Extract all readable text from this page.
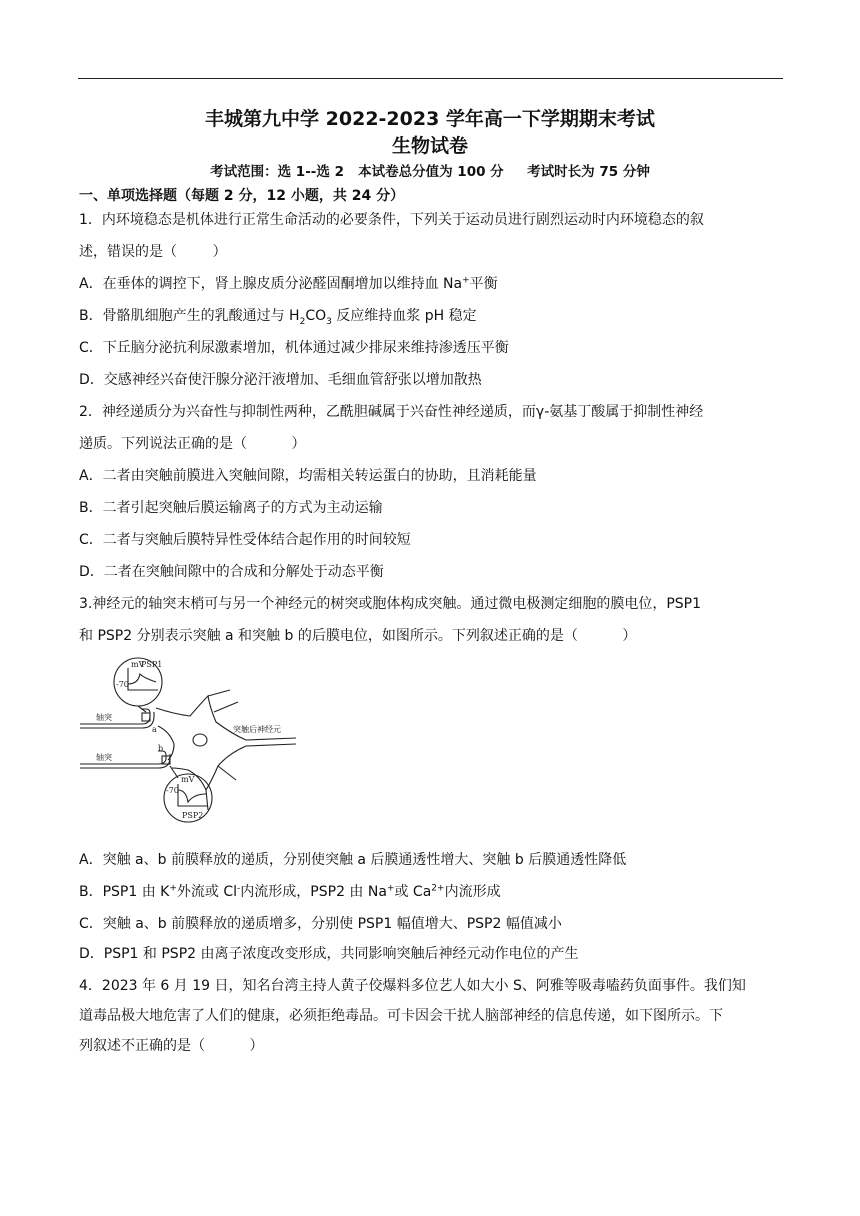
丰城第九中学 2022-2023 学年高一下学期期末考试
生物试卷
考试范围：选 1--选 2   本试卷总分值为 100 分     考试时长为 75 分钟
一、单项选择题（每题 2 分，12 小题，共 24 分）
1．内环境稳态是机体进行正常生命活动的必要条件，下列关于运动员进行剧烈运动时内环境稳态的叙
述，错误的是（        ）
A．在垂体的调控下，肾上腺皮质分泌醛固酮增加以维持血 Na+平衡
B．骨骼肌细胞产生的乳酸通过与 $H_2CO_3$ 反应维持血浆 pH 稳定
C．下丘脑分泌抗利尿激素增加，机体通过减少排尿来维持渗透压平衡
D．交感神经兴奋使汗腺分泌汗液增加、毛细血管舒张以增加散热
2．神经递质分为兴奋性与抑制性两种，乙酰胆碱属于兴奋性神经递质，而γ-氨基丁酸属于抑制性神经
递质。下列说法正确的是（          ）
A．二者由突触前膜进入突触间隙，均需相关转运蛋白的协助，且消耗能量
B．二者引起突触后膜运输离子的方式为主动运输
C．二者与突触后膜特异性受体结合起作用的时间较短
D．二者在突触间隙中的合成和分解处于动态平衡
3.神经元的轴突末梢可与另一个神经元的树突或胞体构成突触。通过微电极测定细胞的膜电位，PSP1
和 PSP2 分别表示突触 a 和突触 b 的后膜电位，如图所示。下列叙述正确的是（          ）
mV
PSP1
-70
轴突
a	突触后神经元
轴突
b
mV
-70
PSP2
A．突触 a、b 前膜释放的递质，分别使突触 a 后膜通透性增大、突触 b 后膜通透性降低
B．PSP1 由 K+外流或 Cl-内流形成，PSP2 由 Na+或 $Ca^{2+}$内流形成
C．突触 a、b 前膜释放的递质增多，分别使 PSP1 幅值增大、PSP2 幅值减小
D．PSP1 和 PSP2 由离子浓度改变形成，共同影响突触后神经元动作电位的产生
4．2023 年 6 月 19 日，知名台湾主持人黄子佼爆料多位艺人如大小 S、阿雅等吸毒嗑药负面事件。我们知
道毒品极大地危害了人们的健康，必须拒绝毒品。可卡因会干扰人脑部神经的信息传递，如下图所示。下
列叙述不正确的是（          ）
